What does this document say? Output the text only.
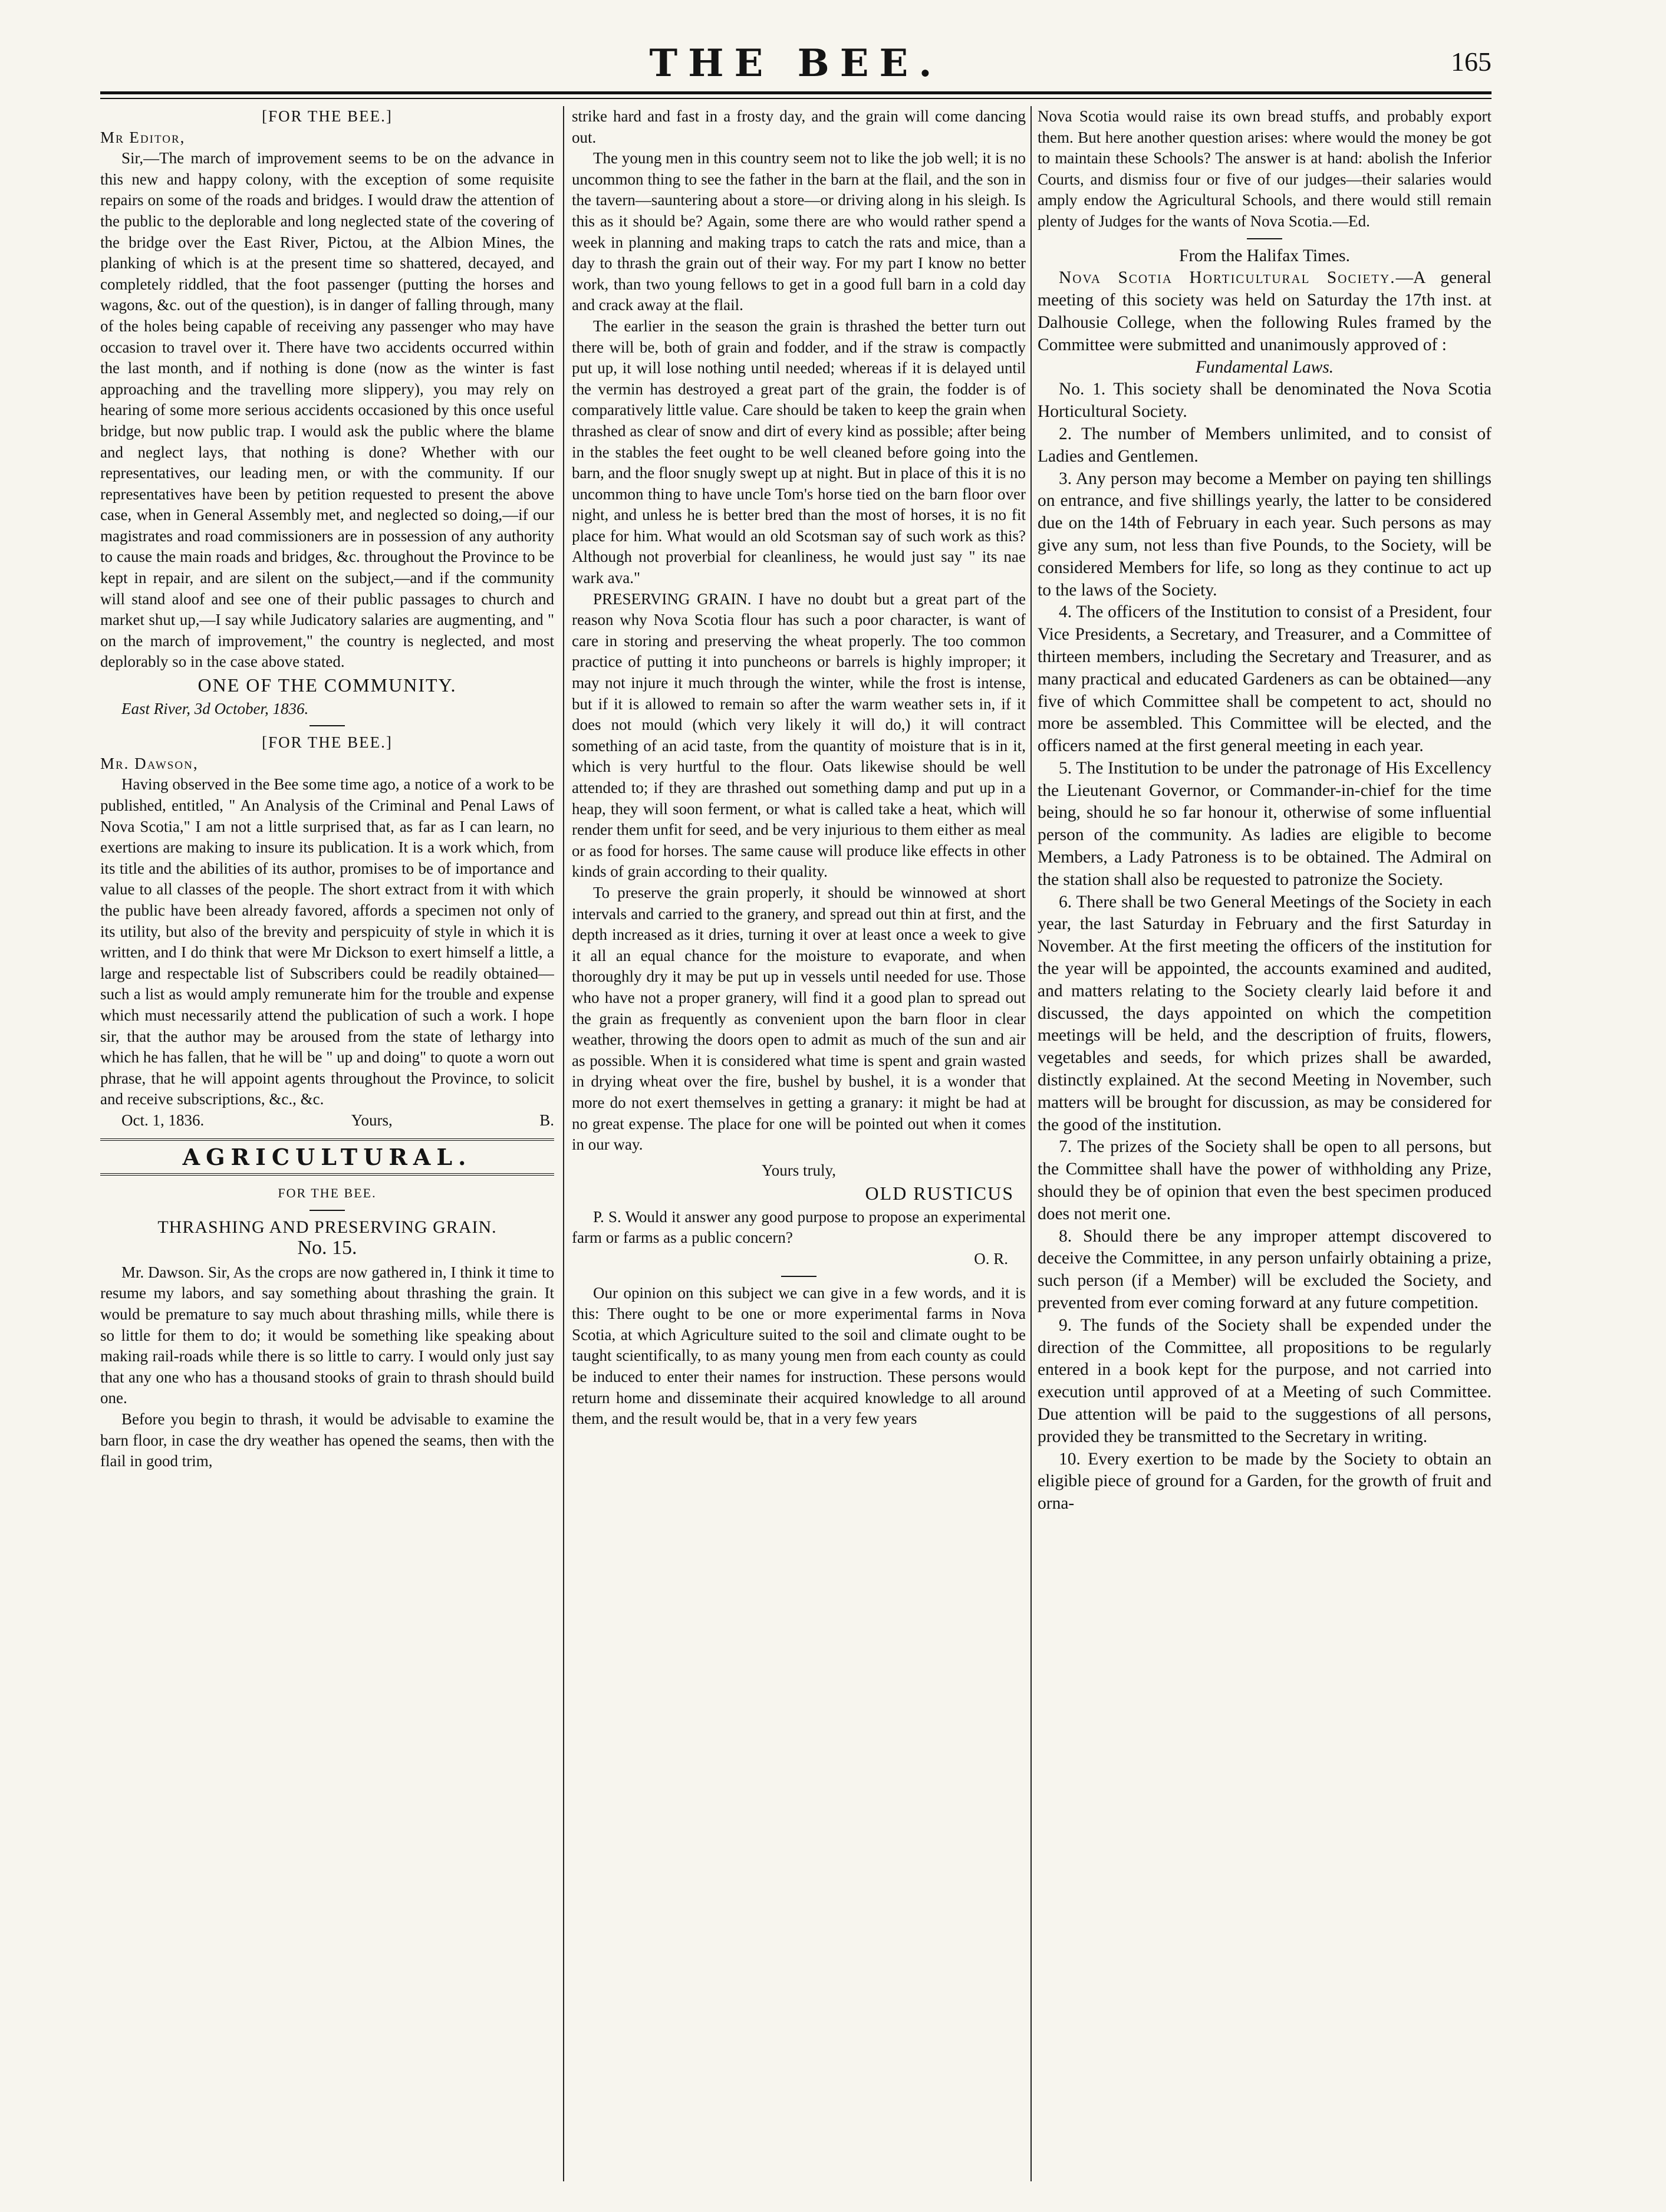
THE BEE.	165
[FOR THE BEE.]
Mr Editor,

Sir,—The march of improvement seems to be on the advance in this new and happy colony, with the exception of some requisite repairs on some of the roads and bridges. I would draw the attention of the public to the deplorable and long neglected state of the covering of the bridge over the East River, Pictou, at the Albion Mines, the planking of which is at the present time so shattered, decayed, and completely riddled, that the foot passenger (putting the horses and wagons, &c. out of the question), is in danger of falling through, many of the holes being capable of receiving any passenger who may have occasion to travel over it. There have two accidents occurred within the last month, and if nothing is done (now as the winter is fast approaching and the travelling more slippery), you may rely on hearing of some more serious accidents occasioned by this once useful bridge, but now public trap. I would ask the public where the blame and neglect lays, that nothing is done? Whether with our representatives, our leading men, or with the community. If our representatives have been by petition requested to present the above case, when in General Assembly met, and neglected so doing,—if our magistrates and road commissioners are in possession of any authority to cause the main roads and bridges, &c. throughout the Province to be kept in repair, and are silent on the subject,—and if the community will stand aloof and see one of their public passages to church and market shut up,—I say while Judicatory salaries are augmenting, and " on the march of improvement," the country is neglected, and most deplorably so in the case above stated.

ONE OF THE COMMUNITY.

East River, 3d October, 1836.

[FOR THE BEE.]
Mr. Dawson,

Having observed in the Bee some time ago, a notice of a work to be published, entitled, " An Analysis of the Criminal and Penal Laws of Nova Scotia," I am not a little surprised that, as far as I can learn, no exertions are making to insure its publication. It is a work which, from its title and the abilities of its author, promises to be of importance and value to all classes of the people. The short extract from it with which the public have been already favored, affords a specimen not only of its utility, but also of the brevity and perspicuity of style in which it is written, and I do think that were Mr Dickson to exert himself a little, a large and respectable list of Subscribers could be readily obtained—such a list as would amply remunerate him for the trouble and expense which must necessarily attend the publication of such a work. I hope sir, that the author may be aroused from the state of lethargy into which he has fallen, that he will be " up and doing" to quote a worn out phrase, that he will appoint agents throughout the Province, to solicit and receive subscriptions, &c., &c.

Oct. 1, 1836.	Yours,	B.
AGRICULTURAL.
FOR THE BEE.
THRASHING AND PRESERVING GRAIN.
No. 15.

Mr. Dawson. Sir, As the crops are now gathered in, I think it time to resume my labors, and say something about thrashing the grain. It would be premature to say much about thrashing mills, while there is so little for them to do; it would be something like speaking about making rail-roads while there is so little to carry. I would only just say that any one who has a thousand stooks of grain to thrash should build one.

Before you begin to thrash, it would be advisable to examine the barn floor, in case the dry weather has opened the seams, then with the flail in good trim,

strike hard and fast in a frosty day, and the grain will come dancing out.

The young men in this country seem not to like the job well; it is no uncommon thing to see the father in the barn at the flail, and the son in the tavern—sauntering about a store—or driving along in his sleigh. Is this as it should be? Again, some there are who would rather spend a week in planning and making traps to catch the rats and mice, than a day to thrash the grain out of their way. For my part I know no better work, than two young fellows to get in a good full barn in a cold day and crack away at the flail.

The earlier in the season the grain is thrashed the better turn out there will be, both of grain and fodder, and if the straw is compactly put up, it will lose nothing until needed; whereas if it is delayed until the vermin has destroyed a great part of the grain, the fodder is of comparatively little value. Care should be taken to keep the grain when thrashed as clear of snow and dirt of every kind as possible; after being in the stables the feet ought to be well cleaned before going into the barn, and the floor snugly swept up at night. But in place of this it is no uncommon thing to have uncle Tom's horse tied on the barn floor over night, and unless he is better bred than the most of horses, it is no fit place for him. What would an old Scotsman say of such work as this? Although not proverbial for cleanliness, he would just say " its nae wark ava."

PRESERVING GRAIN. I have no doubt but a great part of the reason why Nova Scotia flour has such a poor character, is want of care in storing and preserving the wheat properly. The too common practice of putting it into puncheons or barrels is highly improper; it may not injure it much through the winter, while the frost is intense, but if it is allowed to remain so after the warm weather sets in, if it does not mould (which very likely it will do,) it will contract something of an acid taste, from the quantity of moisture that is in it, which is very hurtful to the flour. Oats likewise should be well attended to; if they are thrashed out something damp and put up in a heap, they will soon ferment, or what is called take a heat, which will render them unfit for seed, and be very injurious to them either as meal or as food for horses. The same cause will produce like effects in other kinds of grain according to their quality.

To preserve the grain properly, it should be winnowed at short intervals and carried to the granery, and spread out thin at first, and the depth increased as it dries, turning it over at least once a week to give it all an equal chance for the moisture to evaporate, and when thoroughly dry it may be put up in vessels until needed for use. Those who have not a proper granery, will find it a good plan to spread out the grain as frequently as convenient upon the barn floor in clear weather, throwing the doors open to admit as much of the sun and air as possible. When it is considered what time is spent and grain wasted in drying wheat over the fire, bushel by bushel, it is a wonder that more do not exert themselves in getting a granary: it might be had at no great expense. The place for one will be pointed out when it comes in our way.

Yours truly,
OLD RUSTICUS

P. S. Would it answer any good purpose to propose an experimental farm or farms as a public concern?

O. R.

Our opinion on this subject we can give in a few words, and it is this: There ought to be one or more experimental farms in Nova Scotia, at which Agriculture suited to the soil and climate ought to be taught scientifically, to as many young men from each county as could be induced to enter their names for instruction. These persons would return home and disseminate their acquired knowledge to all around them, and the result would be, that in a very few years

Nova Scotia would raise its own bread stuffs, and probably export them. But here another question arises: where would the money be got to maintain these Schools? The answer is at hand: abolish the Inferior Courts, and dismiss four or five of our judges—their salaries would amply endow the Agricultural Schools, and there would still remain plenty of Judges for the wants of Nova Scotia.—Ed.

From the Halifax Times.

Nova Scotia Horticultural Society.—A general meeting of this society was held on Saturday the 17th inst. at Dalhousie College, when the following Rules framed by the Committee were submitted and unanimously approved of :

Fundamental Laws.

No. 1. This society shall be denominated the Nova Scotia Horticultural Society.

2. The number of Members unlimited, and to consist of Ladies and Gentlemen.

3. Any person may become a Member on paying ten shillings on entrance, and five shillings yearly, the latter to be considered due on the 14th of February in each year. Such persons as may give any sum, not less than five Pounds, to the Society, will be considered Members for life, so long as they continue to act up to the laws of the Society.

4. The officers of the Institution to consist of a President, four Vice Presidents, a Secretary, and Treasurer, and a Committee of thirteen members, including the Secretary and Treasurer, and as many practical and educated Gardeners as can be obtained—any five of which Committee shall be competent to act, should no more be assembled. This Committee will be elected, and the officers named at the first general meeting in each year.

5. The Institution to be under the patronage of His Excellency the Lieutenant Governor, or Commander-in-chief for the time being, should he so far honour it, otherwise of some influential person of the community. As ladies are eligible to become Members, a Lady Patroness is to be obtained. The Admiral on the station shall also be requested to patronize the Society.

6. There shall be two General Meetings of the Society in each year, the last Saturday in February and the first Saturday in November. At the first meeting the officers of the institution for the year will be appointed, the accounts examined and audited, and matters relating to the Society clearly laid before it and discussed, the days appointed on which the competition meetings will be held, and the description of fruits, flowers, vegetables and seeds, for which prizes shall be awarded, distinctly explained. At the second Meeting in November, such matters will be brought for discussion, as may be considered for the good of the institution.

7. The prizes of the Society shall be open to all persons, but the Committee shall have the power of withholding any Prize, should they be of opinion that even the best specimen produced does not merit one.

8. Should there be any improper attempt discovered to deceive the Committee, in any person unfairly obtaining a prize, such person (if a Member) will be excluded the Society, and prevented from ever coming forward at any future competition.

9. The funds of the Society shall be expended under the direction of the Committee, all propositions to be regularly entered in a book kept for the purpose, and not carried into execution until approved of at a Meeting of such Committee. Due attention will be paid to the suggestions of all persons, provided they be transmitted to the Secretary in writing.

10. Every exertion to be made by the Society to obtain an eligible piece of ground for a Garden, for the growth of fruit and orna-
